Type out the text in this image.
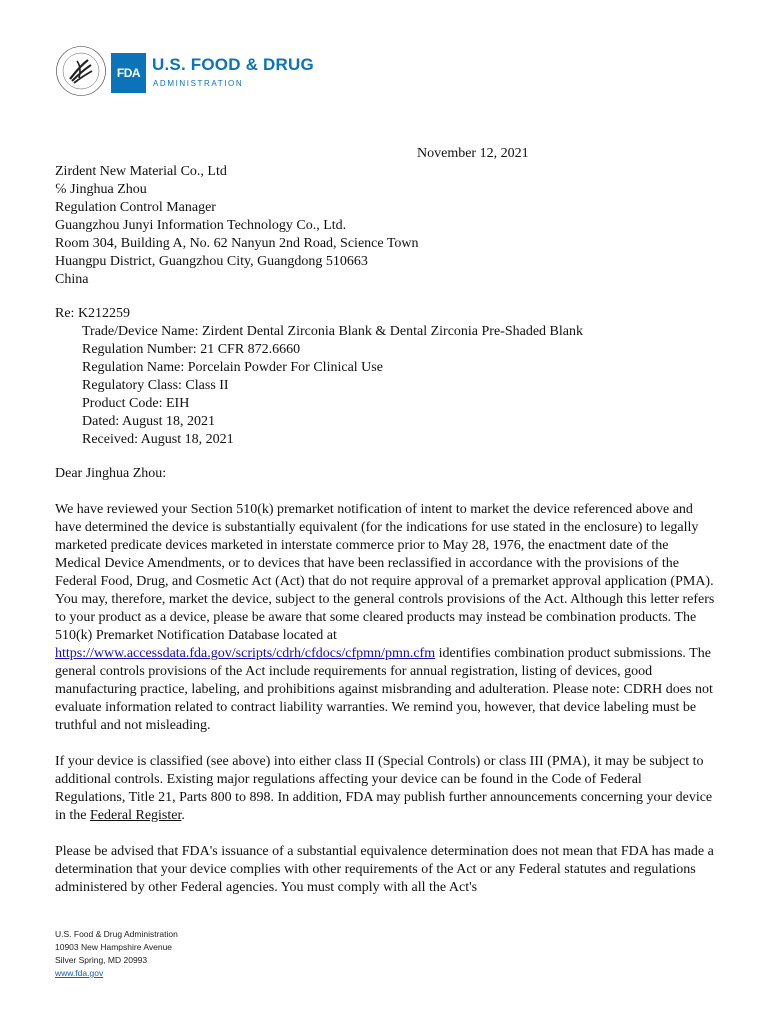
FDA U.S. FOOD & DRUG
ADMINISTRATION
November 12, 2021
Zirdent New Material Co., Ltd
℅ Jinghua Zhou
Regulation Control Manager
Guangzhou Junyi Information Technology Co., Ltd.
Room 304, Building A, No. 62 Nanyun 2nd Road, Science Town
Huangpu District, Guangzhou City, Guangdong 510663
China
Re: K212259
Trade/Device Name: Zirdent Dental Zirconia Blank & Dental Zirconia Pre-Shaded Blank
Regulation Number: 21 CFR 872.6660
Regulation Name: Porcelain Powder For Clinical Use
Regulatory Class: Class II
Product Code: EIH
Dated: August 18, 2021
Received: August 18, 2021
Dear Jinghua Zhou:

We have reviewed your Section 510(k) premarket notification of intent to market the device referenced above and have determined the device is substantially equivalent (for the indications for use stated in the enclosure) to legally marketed predicate devices marketed in interstate commerce prior to May 28, 1976, the enactment date of the Medical Device Amendments, or to devices that have been reclassified in accordance with the provisions of the Federal Food, Drug, and Cosmetic Act (Act) that do not require approval of a premarket approval application (PMA). You may, therefore, market the device, subject to the general controls provisions of the Act. Although this letter refers to your product as a device, please be aware that some cleared products may instead be combination products. The 510(k) Premarket Notification Database located at https://www.accessdata.fda.gov/scripts/cdrh/cfdocs/cfpmn/pmn.cfm identifies combination product submissions. The general controls provisions of the Act include requirements for annual registration, listing of devices, good manufacturing practice, labeling, and prohibitions against misbranding and adulteration. Please note: CDRH does not evaluate information related to contract liability warranties. We remind you, however, that device labeling must be truthful and not misleading.

If your device is classified (see above) into either class II (Special Controls) or class III (PMA), it may be subject to additional controls. Existing major regulations affecting your device can be found in the Code of Federal Regulations, Title 21, Parts 800 to 898. In addition, FDA may publish further announcements concerning your device in the Federal Register.

Please be advised that FDA's issuance of a substantial equivalence determination does not mean that FDA has made a determination that your device complies with other requirements of the Act or any Federal statutes and regulations administered by other Federal agencies. You must comply with all the Act's

U.S. Food & Drug Administration
10903 New Hampshire Avenue
Silver Spring, MD 20993
www.fda.gov
